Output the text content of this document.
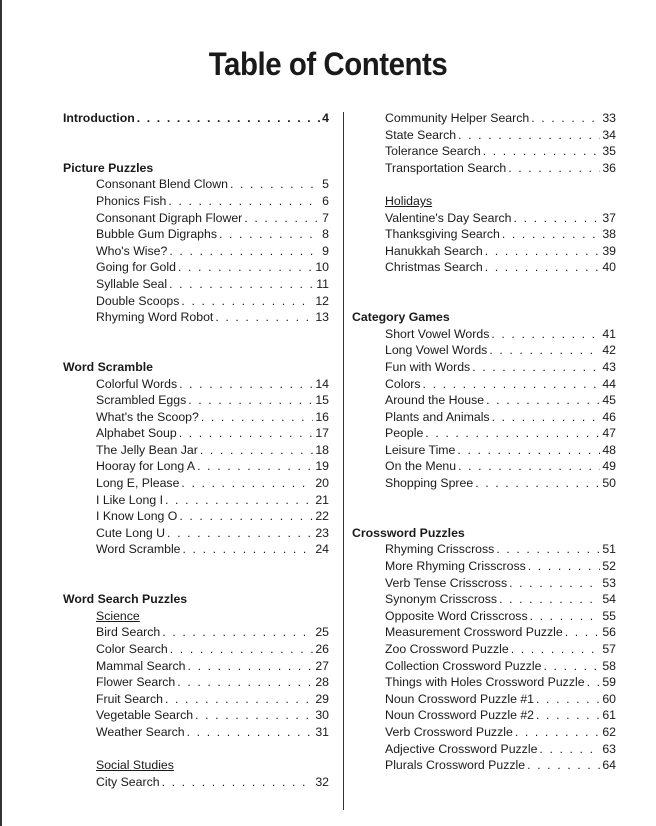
Table of Contents
Introduction . . .	4
Picture Puzzles
Consonant Blend Clown . . .	5
Phonics Fish . . .	6
Consonant Digraph Flower . . .	7
Bubble Gum Digraphs . . .	8
Who's Wise? . . .	9
Going for Gold . . .	10
Syllable Seal . . .	11
Double Scoops . . .	12
Rhyming Word Robot . . .	13
Word Scramble
Colorful Words . . .	14
Scrambled Eggs . . .	15
What's the Scoop? . . .	16
Alphabet Soup . . .	17
The Jelly Bean Jar . . .	18
Hooray for Long A . . .	19
Long E, Please . . .	20
I Like Long I . . .	21
I Know Long O . . .	22
Cute Long U . . .	23
Word Scramble . . .	24
Word Search Puzzles
Science
Bird Search . . .	25
Color Search . . .	26
Mammal Search . . .	27
Flower Search . . .	28
Fruit Search . . .	29
Vegetable Search . . .	30
Weather Search . . .	31
Social Studies
City Search . . .	32
Community Helper Search . . .	33
State Search . . .	34
Tolerance Search . . .	35
Transportation Search . . .	36
Holidays
Valentine's Day Search . . .	37
Thanksgiving Search . . .	38
Hanukkah Search . . .	39
Christmas Search . . .	40
Category Games
Short Vowel Words . . .	41
Long Vowel Words . . .	42
Fun with Words . . .	43
Colors . . .	44
Around the House . . .	45
Plants and Animals . . .	46
People . . .	47
Leisure Time . . .	48
On the Menu . . .	49
Shopping Spree . . .	50
Crossword Puzzles
Rhyming Crisscross . . .	51
More Rhyming Crisscross . . .	52
Verb Tense Crisscross . . .	53
Synonym Crisscross . . .	54
Opposite Word Crisscross . . .	55
Measurement Crossword Puzzle . . .	56
Zoo Crossword Puzzle . . .	57
Collection Crossword Puzzle . . .	58
Things with Holes Crossword Puzzle . . . 59
Noun Crossword Puzzle #1 . . .	60
Noun Crossword Puzzle #2 . . .	61
Verb Crossword Puzzle . . .	62
Adjective Crossword Puzzle . . .	63
Plurals Crossword Puzzle . . .	64
